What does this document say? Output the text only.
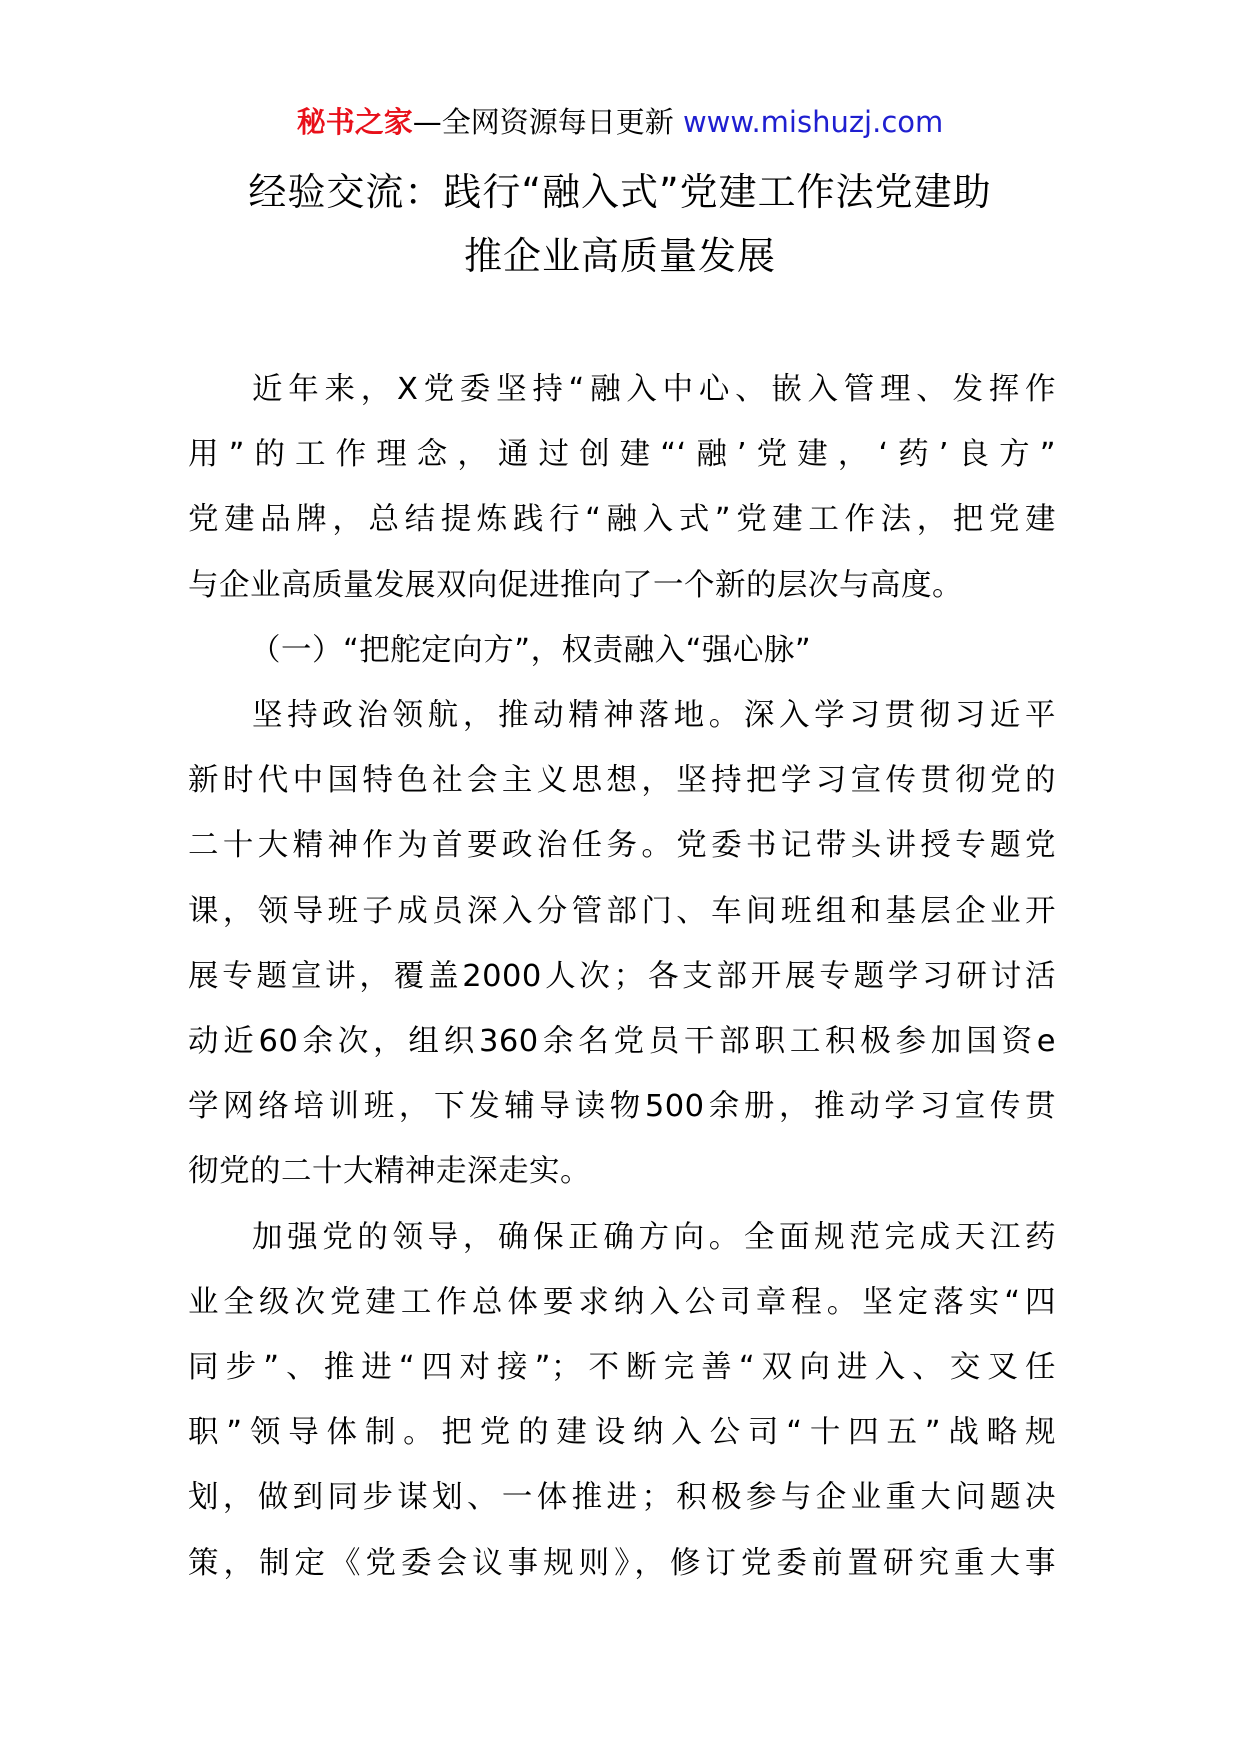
秘书之家—全网资源每日更新 www.mishuzj.com
经验交流：践行“融入式”党建工作法党建助
推企业高质量发展
近年来，X党委坚持“融入中心、嵌入管理、发挥作
用”的工作理念，通过创建“‘融’党建，‘药’良方”
党建品牌，总结提炼践行“融入式”党建工作法，把党建
与企业高质量发展双向促进推向了一个新的层次与高度。
（一）“把舵定向方”，权责融入“强心脉”
坚持政治领航，推动精神落地。深入学习贯彻习近平
新时代中国特色社会主义思想，坚持把学习宣传贯彻党的
二十大精神作为首要政治任务。党委书记带头讲授专题党
课，领导班子成员深入分管部门、车间班组和基层企业开
展专题宣讲，覆盖2000人次；各支部开展专题学习研讨活
动近60余次，组织360余名党员干部职工积极参加国资e
学网络培训班，下发辅导读物500余册，推动学习宣传贯
彻党的二十大精神走深走实。
加强党的领导，确保正确方向。全面规范完成天江药
业全级次党建工作总体要求纳入公司章程。坚定落实“四
同步”、推进“四对接”；不断完善“双向进入、交叉任
职”领导体制。把党的建设纳入公司“十四五”战略规
划，做到同步谋划、一体推进；积极参与企业重大问题决
策，制定《党委会议事规则》，修订党委前置研究重大事
